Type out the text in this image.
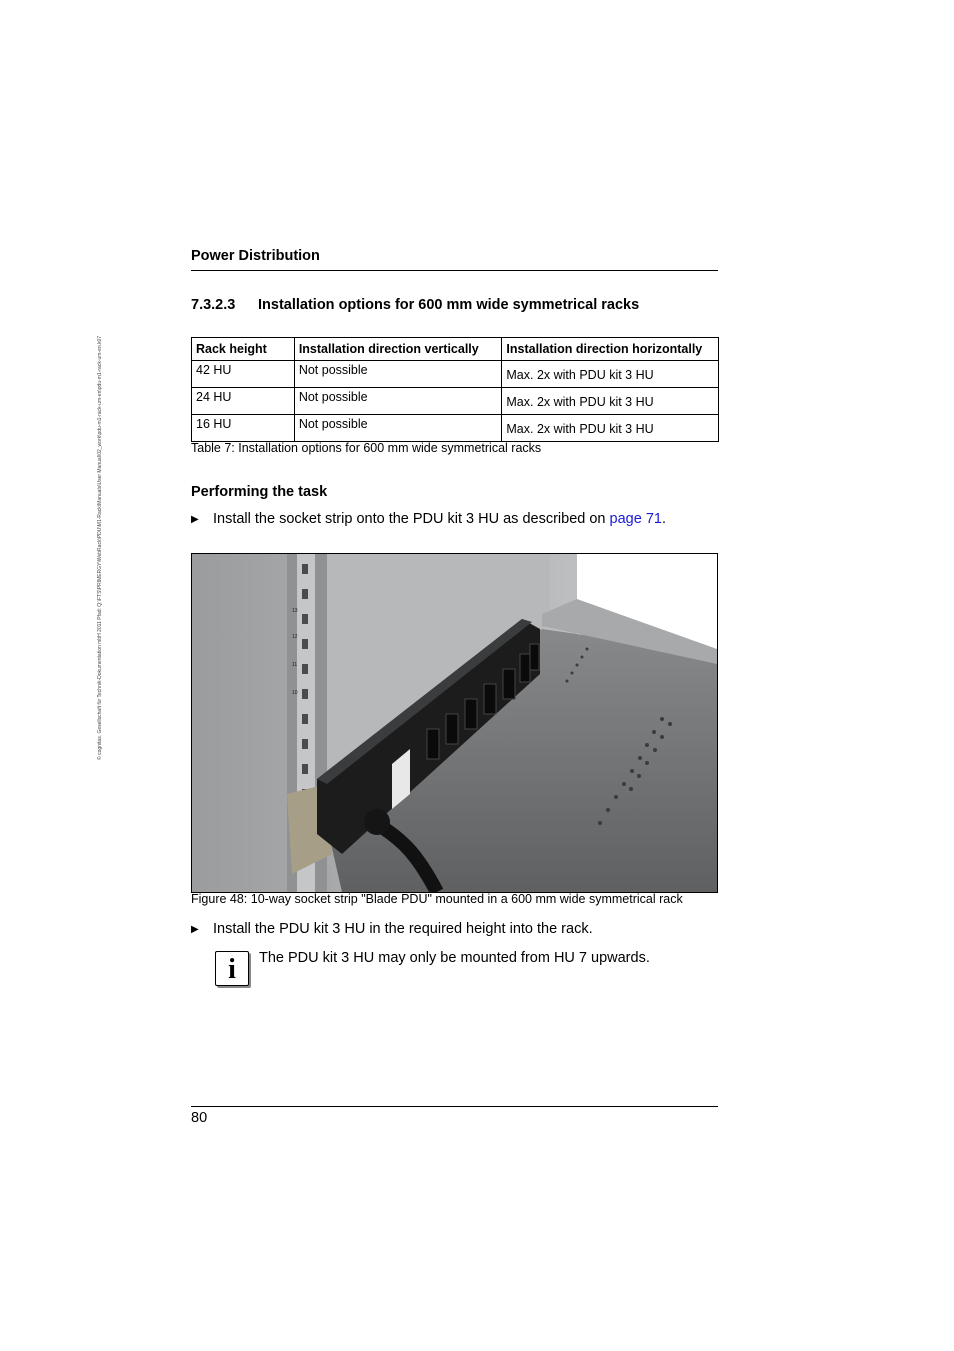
© cognitas. Gesellschaft für Technik-Dokumentation mbH 2011 Pfad: Q:\FTS\PRIMERGY\WebRack\PDU\M1-Rack\Manuals\User Manual\02_work\pdu-m1-rack-um-en\pdu-m1-rack-um-en.k07
Power Distribution
7.3.2.3 Installation options for 600 mm wide symmetrical racks
Rack height	Installation direction vertically	Installation direction horizontally
42 HU	Not possible	Max. 2x with PDU kit 3 HU
24 HU	Not possible	Max. 2x with PDU kit 3 HU
16 HU	Not possible	Max. 2x with PDU kit 3 HU
Table 7: Installation options for 600 mm wide symmetrical racks
Performing the task
▶ Install the socket strip onto the PDU kit 3 HU as described on page 71.
13
12
11
10
Figure 48: 10-way socket strip "Blade PDU" mounted in a 600 mm wide symmetrical rack
▶ Install the PDU kit 3 HU in the required height into the rack.
i	The PDU kit 3 HU may only be mounted from HU 7 upwards.
80
